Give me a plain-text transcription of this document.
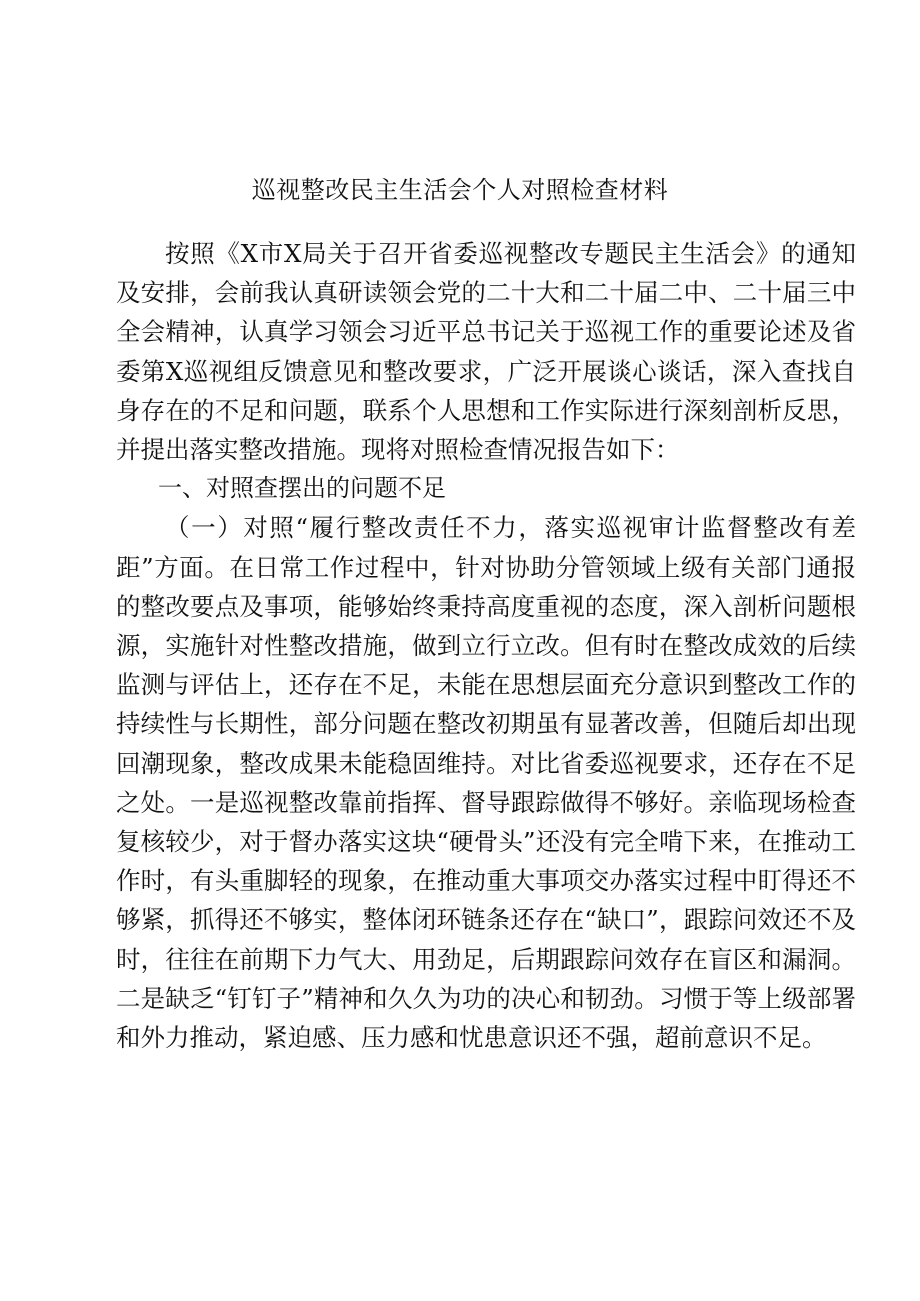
巡视整改民主生活会个人对照检查材料

按照《X市X局关于召开省委巡视整改专题民主生活会》的通知及安排，会前我认真研读领会党的二十大和二十届二中、二十届三中全会精神，认真学习领会习近平总书记关于巡视工作的重要论述及省委第X巡视组反馈意见和整改要求，广泛开展谈心谈话，深入查找自身存在的不足和问题，联系个人思想和工作实际进行深刻剖析反思，并提出落实整改措施。现将对照检查情况报告如下：

一、对照查摆出的问题不足

（一）对照“履行整改责任不力，落实巡视审计监督整改有差距”方面。在日常工作过程中，针对协助分管领域上级有关部门通报的整改要点及事项，能够始终秉持高度重视的态度，深入剖析问题根源，实施针对性整改措施，做到立行立改。但有时在整改成效的后续监测与评估上，还存在不足，未能在思想层面充分意识到整改工作的持续性与长期性，部分问题在整改初期虽有显著改善，但随后却出现回潮现象，整改成果未能稳固维持。对比省委巡视要求，还存在不足之处。一是巡视整改靠前指挥、督导跟踪做得不够好。亲临现场检查复核较少，对于督办落实这块“硬骨头”还没有完全啃下来，在推动工作时，有头重脚轻的现象，在推动重大事项交办落实过程中盯得还不够紧，抓得还不够实，整体闭环链条还存在“缺口”，跟踪问效还不及时，往往在前期下力气大、用劲足，后期跟踪问效存在盲区和漏洞。二是缺乏“钉钉子”精神和久久为功的决心和韧劲。习惯于等上级部署和外力推动，紧迫感、压力感和忧患意识还不强，超前意识不足。
